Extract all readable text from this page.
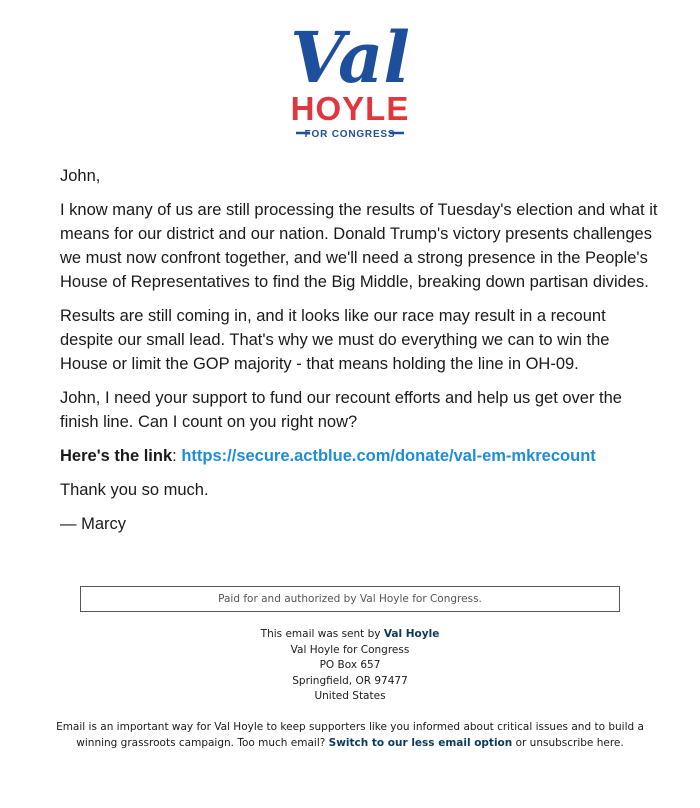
Val
HOYLE
FOR CONGRESS

John,

I know many of us are still processing the results of Tuesday's election and what it means for our district and our nation. Donald Trump's victory presents challenges we must now confront together, and we'll need a strong presence in the People's House of Representatives to find the Big Middle, breaking down partisan divides.

Results are still coming in, and it looks like our race may result in a recount despite our small lead. That's why we must do everything we can to win the House or limit the GOP majority - that means holding the line in OH-09.

John, I need your support to fund our recount efforts and help us get over the finish line. Can I count on you right now?

Here's the link: https://secure.actblue.com/donate/val-em-mkrecount

Thank you so much.

— Marcy

Paid for and authorized by Val Hoyle for Congress.
This email was sent by Val Hoyle
Val Hoyle for Congress
PO Box 657
Springfield, OR 97477
United States
Email is an important way for Val Hoyle to keep supporters like you informed about critical issues and to build a winning grassroots campaign. Too much email? Switch to our less email option or unsubscribe here.
